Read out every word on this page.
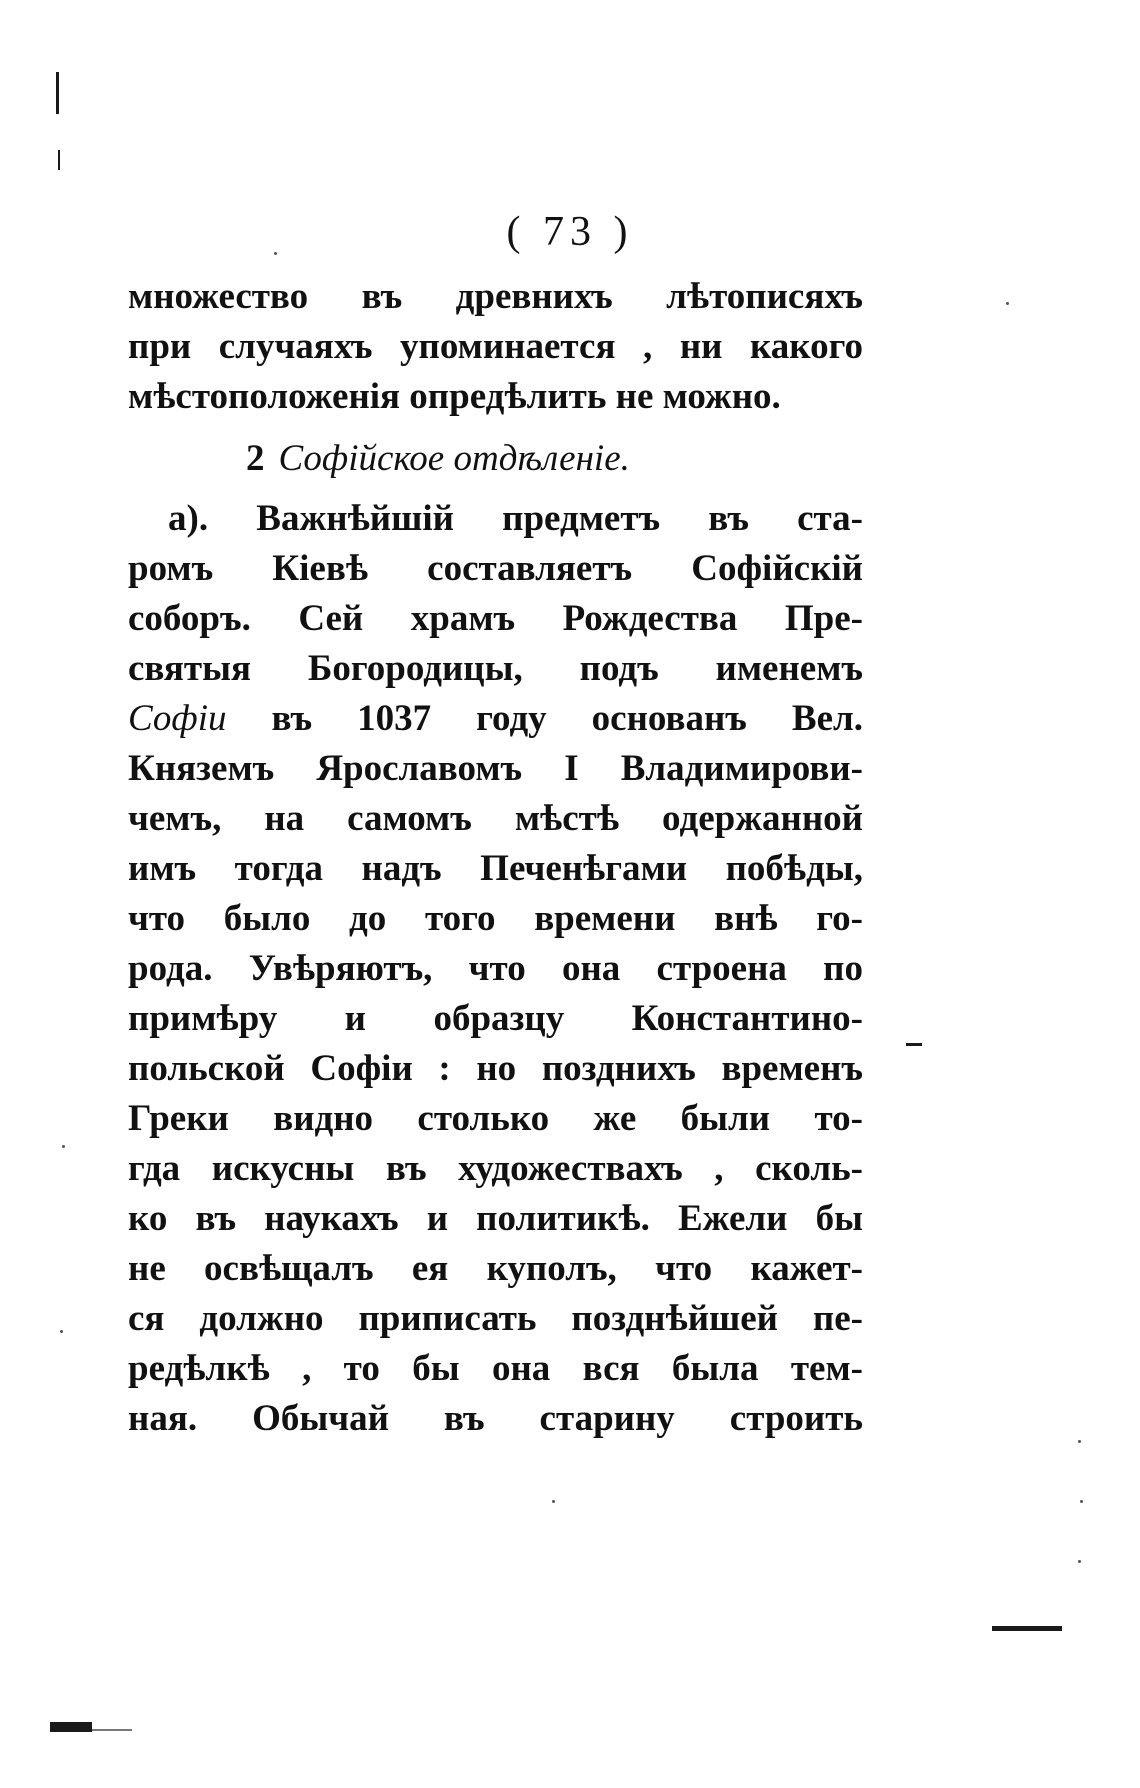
( 73 )
множество въ древнихъ лѣтописяхъ
при случаяхъ упоминается , ни какого
мѣстоположенія опредѣлить не можно.
2 Софійское отдѣленіе.
а). Важнѣйшій предметъ въ ста-
ромъ Кіевѣ составляетъ Софійскій
соборъ. Сей храмъ Рождества Пре-
святыя Богородицы, подъ именемъ
Софіи въ 1037 году основанъ Вел.
Княземъ Ярославомъ I Владимирови-
чемъ, на самомъ мѣстѣ одержанной
имъ тогда надъ Печенѣгами побѣды,
что было до того времени внѣ го-
рода. Увѣряютъ, что она строена по
примѣру и образцу Константино-
польской Софіи : но позднихъ временъ
Греки видно столько же были то-
гда искусны въ художествахъ , сколь-
ко въ наукахъ и политикѣ. Ежели бы
не освѣщалъ ея куполъ, что кажет-
ся должно приписать позднѣйшей пе-
редѣлкѣ , то бы она вся была тем-
ная. Обычай въ старину строить
